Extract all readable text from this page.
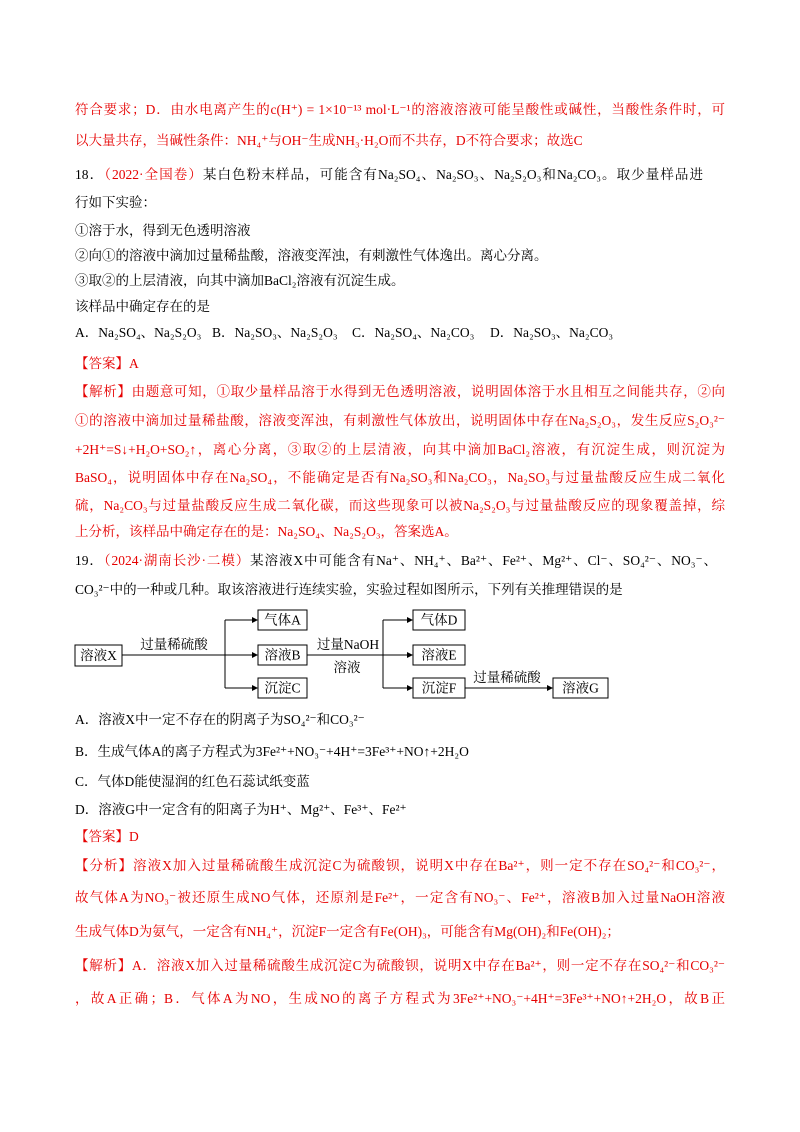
符合要求；D．由水电离产生的c(H⁺) = 1×10⁻¹³ mol·L⁻¹的溶液溶液可能呈酸性或碱性，当酸性条件时，可
以大量共存，当碱性条件：NH₄⁺与OH⁻生成NH₃·H₂O而不共存，D不符合要求；故选C
18．（2022·全国卷）某白色粉末样品，可能含有Na₂SO₄、Na₂SO₃、Na₂S₂O₃和Na₂CO₃。取少量样品进
行如下实验：
①溶于水，得到无色透明溶液
②向①的溶液中滴加过量稀盐酸，溶液变浑浊，有刺激性气体逸出。离心分离。
③取②的上层清液，向其中滴加BaCl₂溶液有沉淀生成。
该样品中确定存在的是
A．Na₂SO₄、Na₂S₂O₃ B．Na₂SO₃、Na₂S₂O₃ C．Na₂SO₄、Na₂CO₃ D．Na₂SO₃、Na₂CO₃
【答案】A
【解析】由题意可知，①取少量样品溶于水得到无色透明溶液，说明固体溶于水且相互之间能共存，②向
①的溶液中滴加过量稀盐酸，溶液变浑浊，有刺激性气体放出，说明固体中存在Na₂S₂O₃，发生反应S₂O₃²⁻
+2H⁺=S↓+H₂O+SO₂↑，离心分离，③取②的上层清液，向其中滴加BaCl₂溶液，有沉淀生成，则沉淀为
BaSO₄，说明固体中存在Na₂SO₄，不能确定是否有Na₂SO₃和Na₂CO₃，Na₂SO₃与过量盐酸反应生成二氧化
硫，Na₂CO₃与过量盐酸反应生成二氧化碳，而这些现象可以被Na₂S₂O₃与过量盐酸反应的现象覆盖掉，综
上分析，该样品中确定存在的是：Na₂SO₄、Na₂S₂O₃，答案选A。
19．（2024·湖南长沙·二模）某溶液X中可能含有Na⁺、NH₄⁺、Ba²⁺、Fe²⁺、Mg²⁺、Cl⁻、SO₄²⁻、NO₃⁻、
CO₃²⁻中的一种或几种。取该溶液进行连续实验，实验过程如图所示，下列有关推理错误的是
溶液X
过量稀硫酸
气体A
溶液B
沉淀C
过量NaOH
溶液
气体D
溶液E
沉淀F
过量稀硫酸
溶液G
A．溶液X中一定不存在的阴离子为SO₄²⁻和CO₃²⁻
B．生成气体A的离子方程式为3Fe²⁺+NO₃⁻+4H⁺=3Fe³⁺+NO↑+2H₂O
C．气体D能使湿润的红色石蕊试纸变蓝
D．溶液G中一定含有的阳离子为H⁺、Mg²⁺、Fe³⁺、Fe²⁺
【答案】D
【分析】溶液X加入过量稀硫酸生成沉淀C为硫酸钡，说明X中存在Ba²⁺，则一定不存在SO₄²⁻和CO₃²⁻，
故气体A为NO₃⁻被还原生成NO气体，还原剂是Fe²⁺，一定含有NO₃⁻、Fe²⁺，溶液B加入过量NaOH溶液
生成气体D为氨气，一定含有NH₄⁺，沉淀F一定含有Fe(OH)₃，可能含有Mg(OH)₂和Fe(OH)₂；
【解析】A．溶液X加入过量稀硫酸生成沉淀C为硫酸钡，说明X中存在Ba²⁺，则一定不存在SO₄²⁻和CO₃²⁻
，故A正确；B．气体A为NO，生成NO的离子方程式为3Fe²⁺+NO₃⁻+4H⁺=3Fe³⁺+NO↑+2H₂O，故B正
